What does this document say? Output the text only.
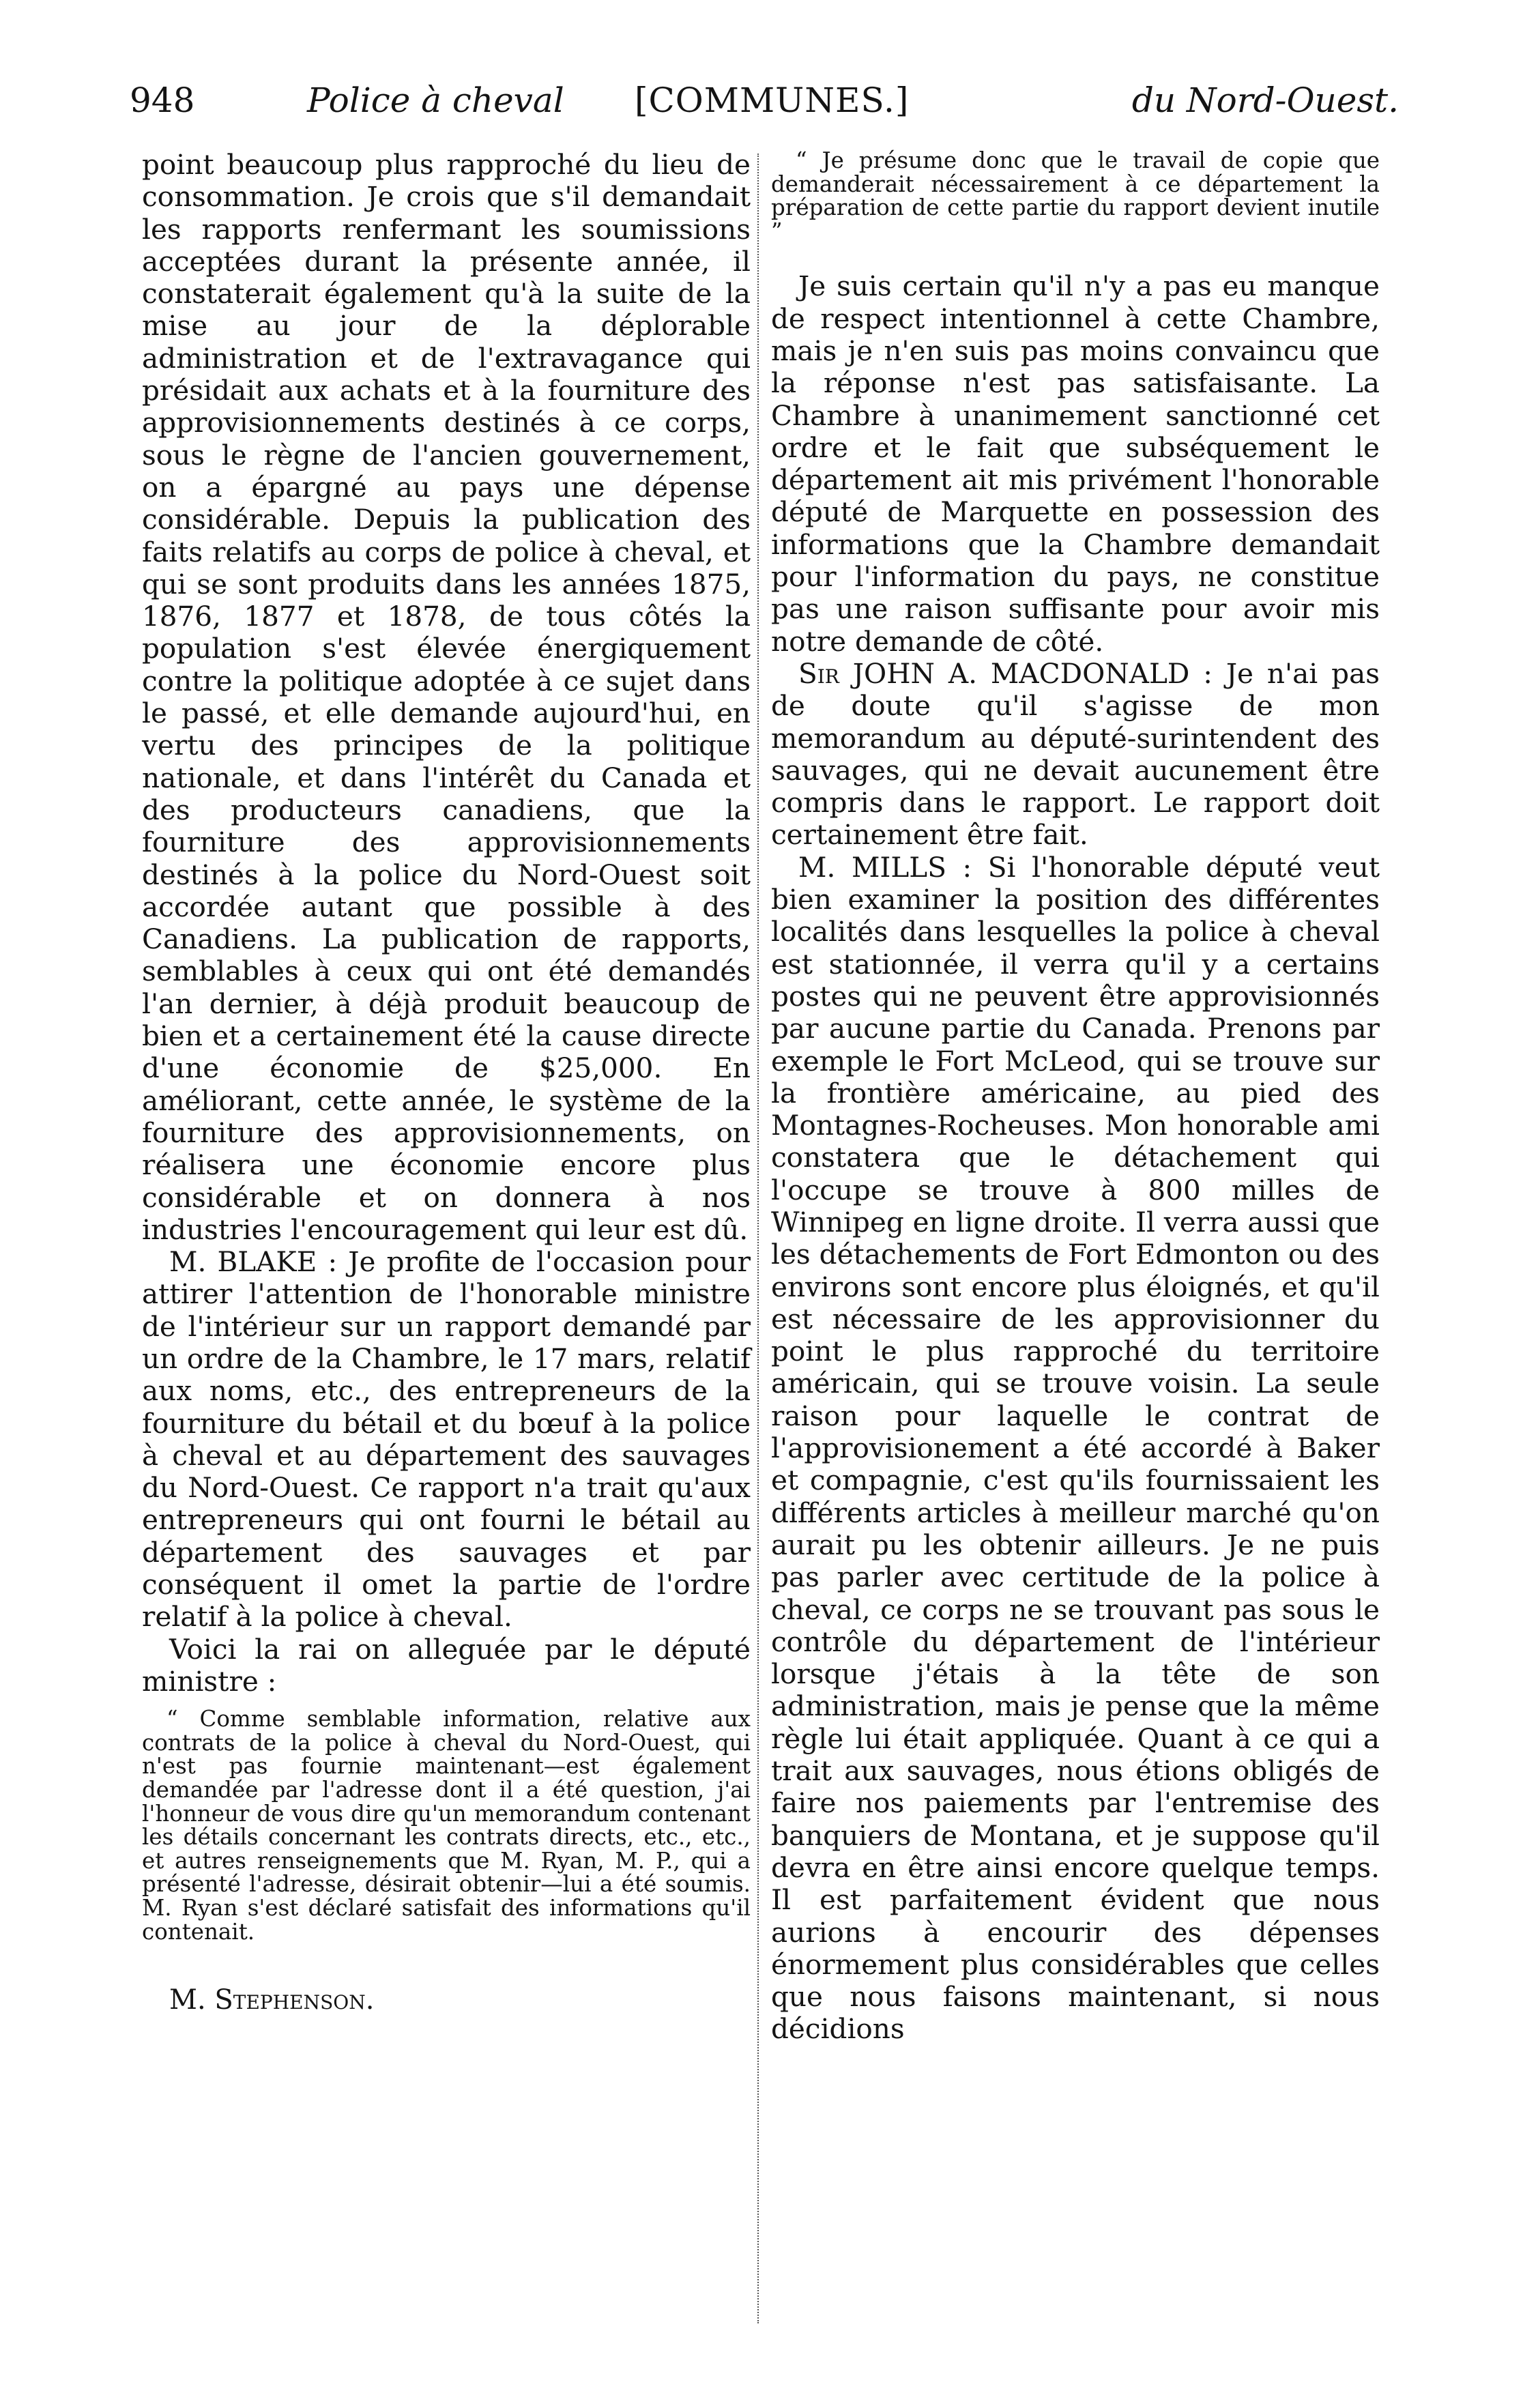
948	Police à cheval [COMMUNES.]	du Nord-Ouest.

point beaucoup plus rapproché du lieu de consommation. Je crois que s'il demandait les rapports renfermant les soumissions acceptées durant la présente année, il constaterait également qu'à la suite de la mise au jour de la déplorable administration et de l'extravagance qui présidait aux achats et à la fourniture des approvisionnements destinés à ce corps, sous le règne de l'ancien gouvernement, on a épargné au pays une dépense considérable. Depuis la publication des faits relatifs au corps de police à cheval, et qui se sont produits dans les années 1875, 1876, 1877 et 1878, de tous côtés la population s'est élevée énergiquement contre la politique adoptée à ce sujet dans le passé, et elle demande aujourd'hui, en vertu des principes de la politique nationale, et dans l'intérêt du Canada et des producteurs canadiens, que la fourniture des approvisionnements destinés à la police du Nord-Ouest soit accordée autant que possible à des Canadiens. La publication de rapports, semblables à ceux qui ont été demandés l'an dernier, à déjà produit beaucoup de bien et a certainement été la cause directe d'une économie de $25,000. En améliorant, cette année, le système de la fourniture des approvisionnements, on réalisera une économie encore plus considérable et on donnera à nos industries l'encouragement qui leur est dû.

M. BLAKE : Je profite de l'occasion pour attirer l'attention de l'honorable ministre de l'intérieur sur un rapport demandé par un ordre de la Chambre, le 17 mars, relatif aux noms, etc., des entrepreneurs de la fourniture du bétail et du bœuf à la police à cheval et au département des sauvages du Nord-Ouest. Ce rapport n'a trait qu'aux entrepreneurs qui ont fourni le bétail au département des sauvages et par conséquent il omet la partie de l'ordre relatif à la police à cheval.

Voici la rai on alleguée par le député ministre :

“ Comme semblable information, relative aux contrats de la police à cheval du Nord-Ouest, qui n'est pas fournie maintenant—est également demandée par l'adresse dont il a été question, j'ai l'honneur de vous dire qu'un memorandum contenant les détails concernant les contrats directs, etc., etc., et autres renseignements que M. Ryan, M. P., qui a présenté l'adresse, désirait obtenir—lui a été soumis. M. Ryan s'est déclaré satisfait des informations qu'il contenait.

M. Stephenson.

“ Je présume donc que le travail de copie que demanderait nécessairement à ce département la préparation de cette partie du rapport devient inutile ”

Je suis certain qu'il n'y a pas eu manque de respect intentionnel à cette Chambre, mais je n'en suis pas moins convaincu que la réponse n'est pas satisfaisante. La Chambre à unanimement sanctionné cet ordre et le fait que subséquement le département ait mis privément l'honorable député de Marquette en possession des informations que la Chambre demandait pour l'information du pays, ne constitue pas une raison suffisante pour avoir mis notre demande de côté.

Sir JOHN A. MACDONALD : Je n'ai pas de doute qu'il s'agisse de mon memorandum au député-surintendent des sauvages, qui ne devait aucunement être compris dans le rapport. Le rapport doit certainement être fait.

M. MILLS : Si l'honorable député veut bien examiner la position des différentes localités dans lesquelles la police à cheval est stationnée, il verra qu'il y a certains postes qui ne peuvent être approvisionnés par aucune partie du Canada. Prenons par exemple le Fort McLeod, qui se trouve sur la frontière américaine, au pied des Montagnes-Rocheuses. Mon honorable ami constatera que le détachement qui l'occupe se trouve à 800 milles de Winnipeg en ligne droite. Il verra aussi que les détachements de Fort Edmonton ou des environs sont encore plus éloignés, et qu'il est nécessaire de les approvisionner du point le plus rapproché du territoire américain, qui se trouve voisin. La seule raison pour laquelle le contrat de l'approvisionement a été accordé à Baker et compagnie, c'est qu'ils fournissaient les différents articles à meilleur marché qu'on aurait pu les obtenir ailleurs. Je ne puis pas parler avec certitude de la police à cheval, ce corps ne se trouvant pas sous le contrôle du département de l'intérieur lorsque j'étais à la tête de son administration, mais je pense que la même règle lui était appliquée. Quant à ce qui a trait aux sauvages, nous étions obligés de faire nos paiements par l'entremise des banquiers de Montana, et je suppose qu'il devra en être ainsi encore quelque temps. Il est parfaitement évident que nous aurions à encourir des dépenses énormement plus considérables que celles que nous faisons maintenant, si nous décidions
